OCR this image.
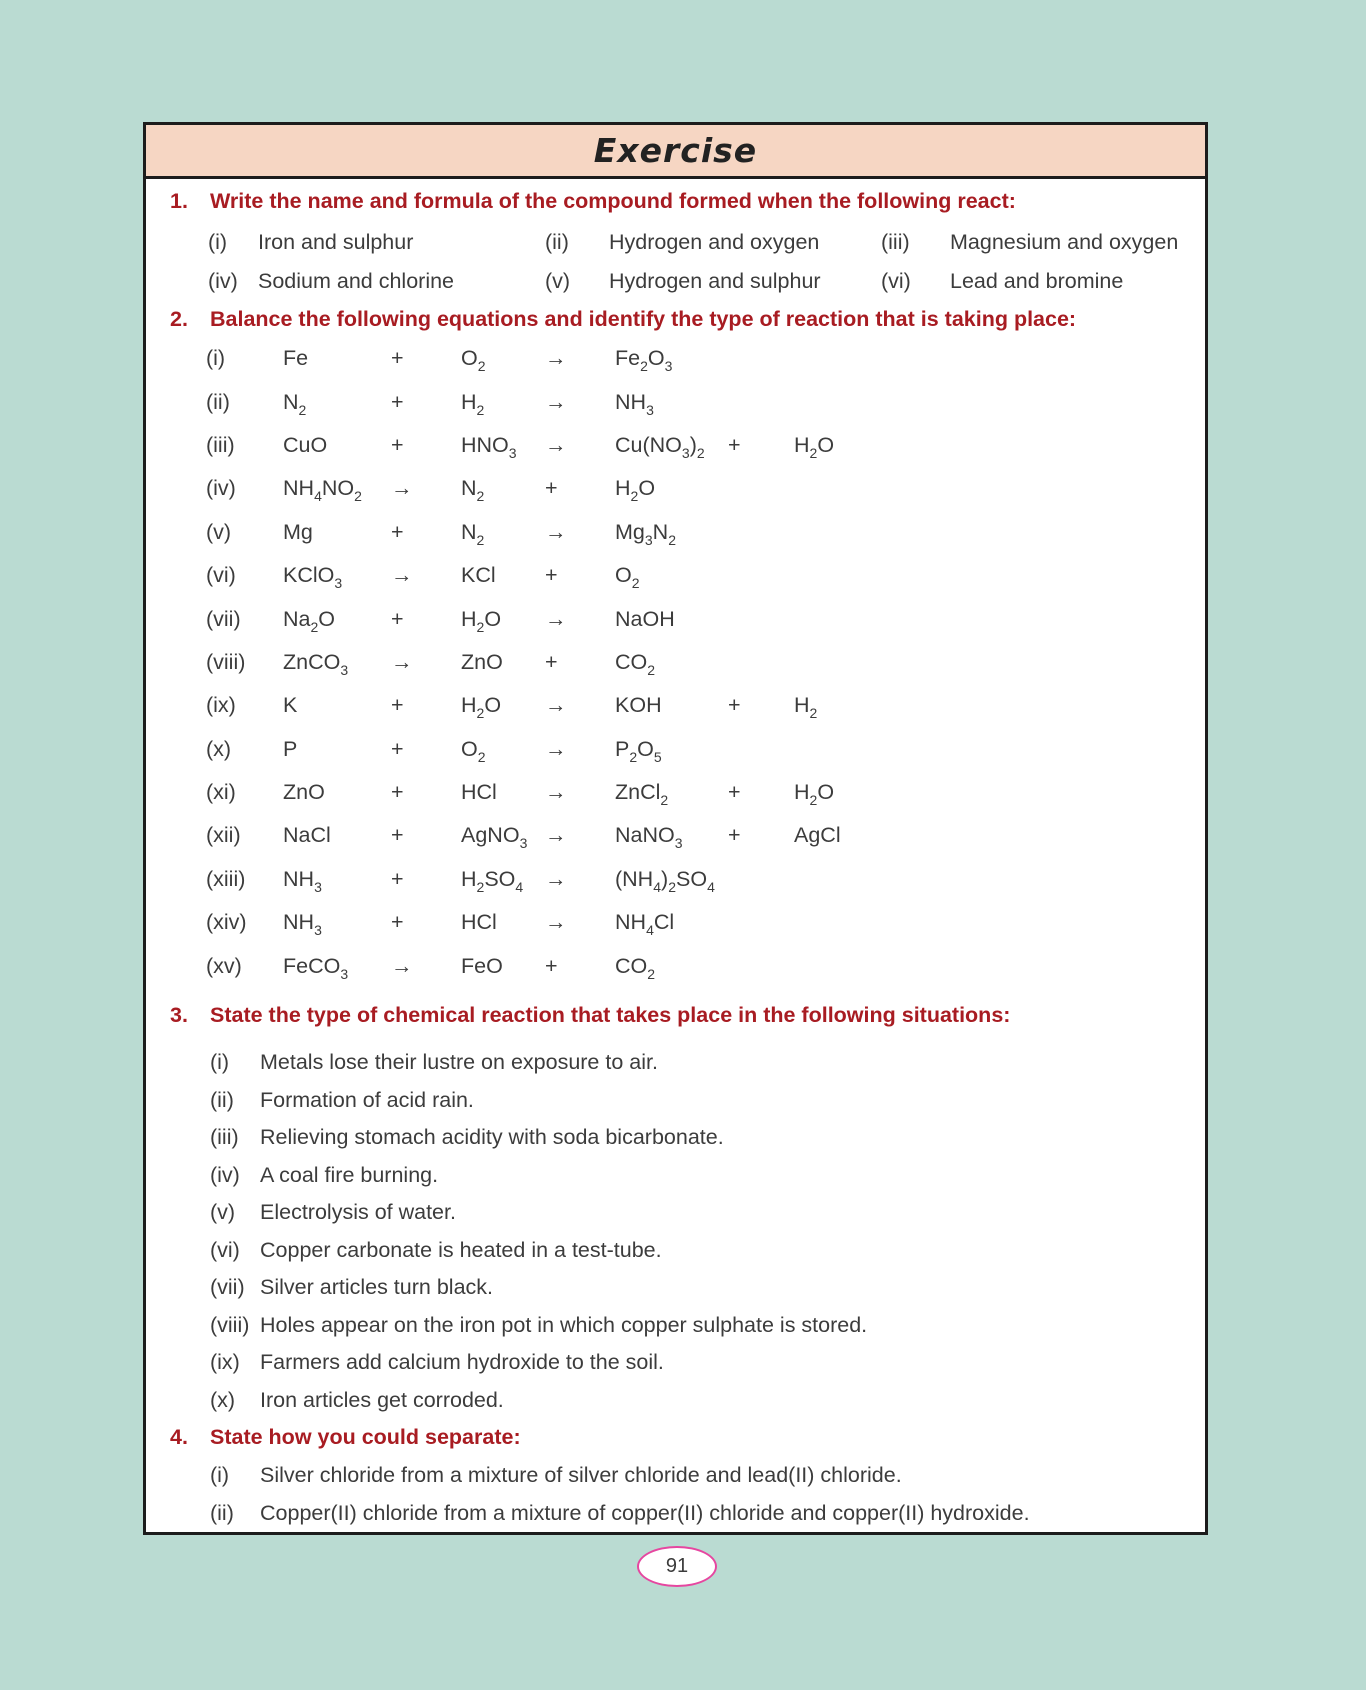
Exercise
1.	Write the name and formula of the compound formed when the following react:
(i)	Iron and sulphur	(ii)	Hydrogen and oxygen	(iii)	Magnesium and oxygen
(iv) Sodium and chlorine	(v)	Hydrogen and sulphur	(vi)	Lead and bromine
2.	Balance the following equations and identify the type of reaction that is taking place:
(i)	Fe	+	$O_2$	→	$Fe_2O_3$
(ii)	$N_2$	+	$H_2$	→	$NH_3$
(iii)	CuO	+	$HNO_3$	→	$Cu(NO_3)_2$	+	$H_2O$
(iv)	$NH_4NO_2$	→	$N_2$	+	$H_2O$
(v)	Mg	+	$N_2$	→	$Mg_3N_2$
(vi)	KClO$_3$	→	KCl	+	$O_2$
(vii)	$Na_2O$	+	$H_2O$	→	NaOH
(viii)	ZnCO$_3$	→	ZnO	+	$CO_2$
(ix)	K	+	$H_2O$	→	KOH	+	$H_2$
(x)	P	+	$O_2$	→	$P_2O_5$
(xi)	ZnO	+	HCl	→	ZnCl$_2$	+	$H_2O$
(xii)	NaCl	+	AgNO$_3$ →	NaNO$_3$	+	AgCl
(xiii)	$NH_3$	+	$H_2SO_4$	→	$(NH_4)_2SO_4$
(xiv)	$NH_3$	+	HCl	→	$NH_4Cl$
(xv)	FeCO$_3$	→	FeO	+	$CO_2$
3.	State the type of chemical reaction that takes place in the following situations:
(i)	Metals lose their lustre on exposure to air.
(ii)	Formation of acid rain.
(iii) Relieving stomach acidity with soda bicarbonate.
(iv) A coal fire burning.
(v)	Electrolysis of water.
(vi) Copper carbonate is heated in a test-tube.
(vii) Silver articles turn black.
(viii) Holes appear on the iron pot in which copper sulphate is stored.
(ix) Farmers add calcium hydroxide to the soil.
(x)	Iron articles get corroded.
4.	State how you could separate:
(i)	Silver chloride from a mixture of silver chloride and lead(II) chloride.
(ii)	Copper(II) chloride from a mixture of copper(II) chloride and copper(II) hydroxide.
91
